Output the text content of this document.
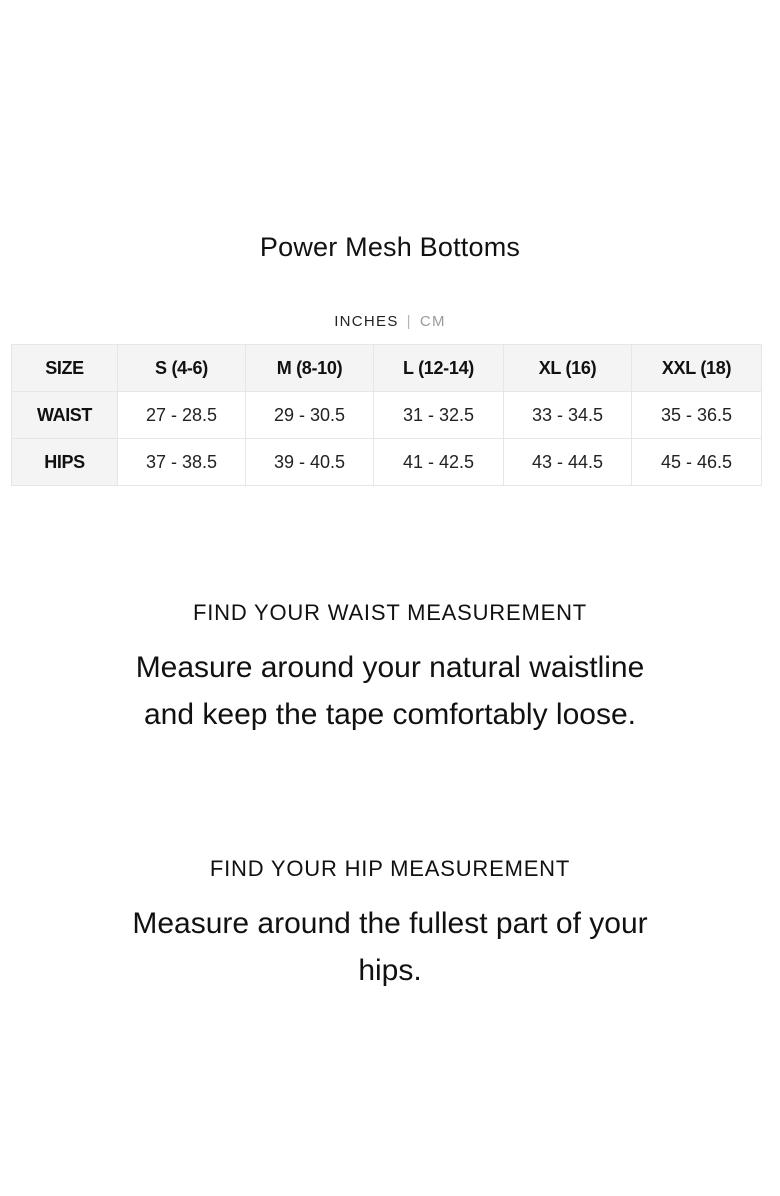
Power Mesh Bottoms
INCHES | CM
SIZE	S (4-6)	M (8-10)	L (12-14)	XL (16)	XXL (18)
WAIST	27 - 28.5	29 - 30.5	31 - 32.5	33 - 34.5	35 - 36.5
HIPS	37 - 38.5	39 - 40.5	41 - 42.5	43 - 44.5	45 - 46.5
FIND YOUR WAIST MEASUREMENT
Measure around your natural waistline and keep the tape comfortably loose.
FIND YOUR HIP MEASUREMENT
Measure around the fullest part of your hips.
